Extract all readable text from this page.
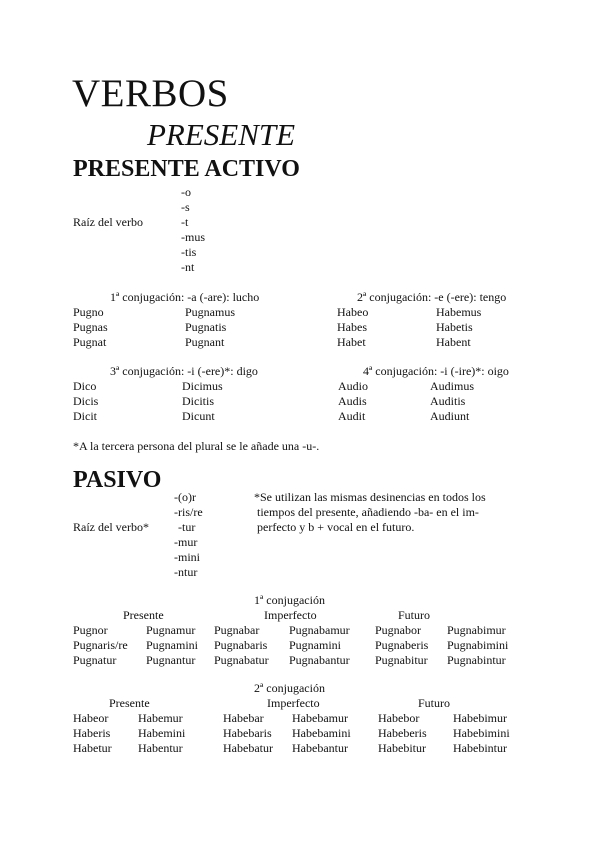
VERBOS
PRESENTE
PRESENTE ACTIVO
Raíz del verbo
*A la tercera persona del plural se le añade una -u-.
PASIVO
Raíz del verbo*
-o
-s
-t
-mus
-tis
-nt
1ª conjugación: -a (-are): lucho
Pugno	Pugnamus
Pugnas	Pugnatis
Pugnat	Pugnant
2ª conjugación: -e (-ere): tengo
Habeo	Habemus
Habes	Habetis
Habet	Habent
3ª conjugación: -i (-ere)*: digo
Dico	Dicimus
Dicis	Dicitis
Dicit	Dicunt
4ª conjugación: -i (-ire)*: oigo
Audio	Audimus
Audis	Auditis
Audit	Audiunt
-(o)r
-ris/re
-tur
-mur
-mini
-ntur
*Se utilizan las mismas desinencias en todos los
tiempos del presente, añadiendo -ba- en el im-
perfecto y b + vocal en el futuro.
1ª conjugación
Presente	Imperfecto	Futuro
Pugnor	Pugnamur Pugnabar Pugnabamur Pugnabor Pugnabimur
Pugnaris/re Pugnamini Pugnabaris Pugnamini	Pugnaberis Pugnabimini
Pugnatur Pugnantur Pugnabatur Pugnabantur Pugnabitur Pugnabintur
2ª conjugación
Presente	Imperfecto	Futuro
Habeor Habemur	Habebar Habebamur	Habebor	Habebimur
Haberis Habemini	Habebaris Habebamini Habeberis Habebimini
Habetur Habentur	Habebatur Habebantur	Habebitur Habebintur
